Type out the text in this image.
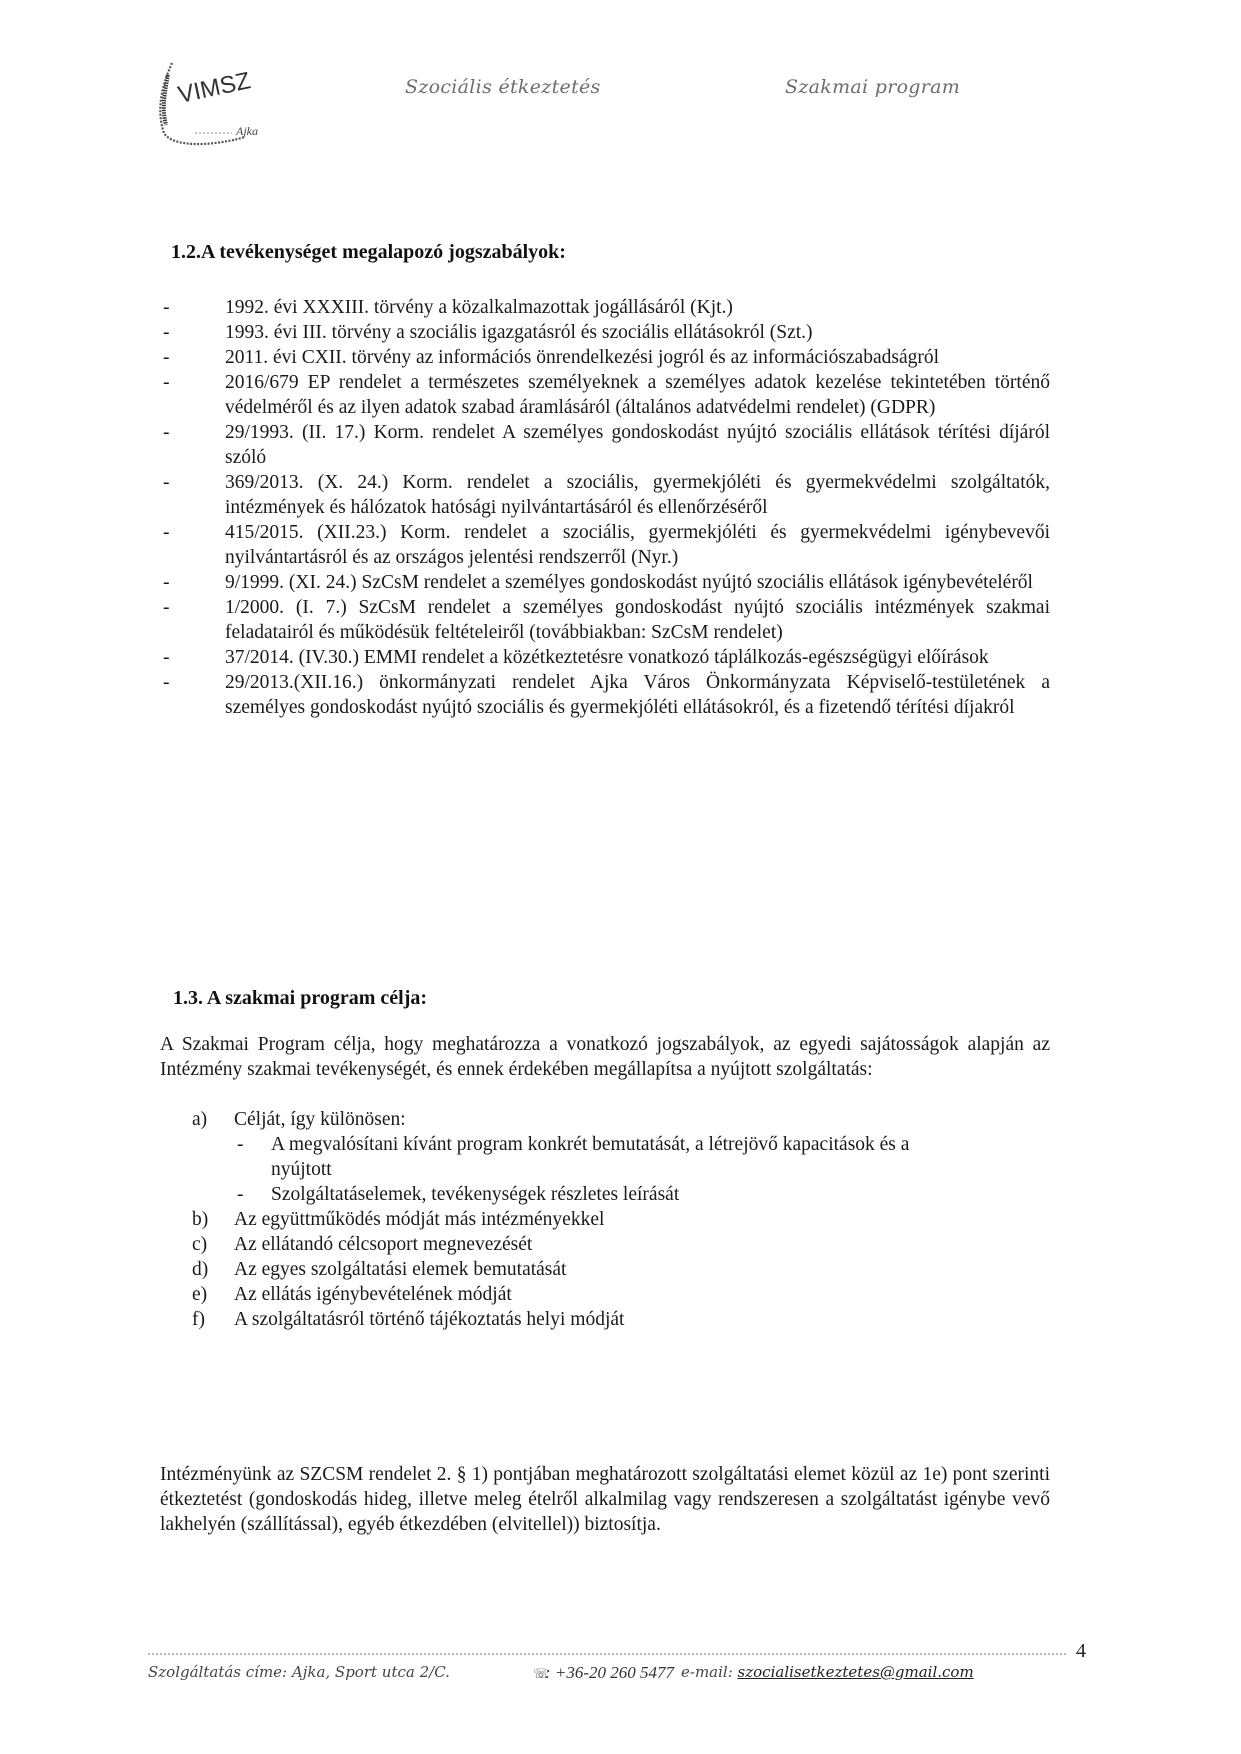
VIMSZ
Ajka
Szociális étkeztetés	Szakmai program
1.2.A tevékenységet megalapozó jogszabályok:
-	1992. évi XXXIII. törvény a közalkalmazottak jogállásáról (Kjt.)
-	1993. évi III. törvény a szociális igazgatásról és szociális ellátásokról (Szt.)
-	2011. évi CXII. törvény az információs önrendelkezési jogról és az információszabadságról
-	2016/679 EP rendelet a természetes személyeknek a személyes adatok kezelése tekintetében történő védelméről és az ilyen adatok szabad áramlásáról (általános adatvédelmi rendelet) (GDPR)
-	29/1993. (II. 17.) Korm. rendelet A személyes gondoskodást nyújtó szociális ellátások térítési díjáról szóló
-	369/2013. (X. 24.) Korm. rendelet a szociális, gyermekjóléti és gyermekvédelmi szolgáltatók, intézmények és hálózatok hatósági nyilvántartásáról és ellenőrzéséről
-	415/2015. (XII.23.) Korm. rendelet a szociális, gyermekjóléti és gyermekvédelmi igénybevevői nyilvántartásról és az országos jelentési rendszerről (Nyr.)
-	9/1999. (XI. 24.) SzCsM rendelet a személyes gondoskodást nyújtó szociális ellátások igénybevételéről
-	1/2000. (I. 7.) SzCsM rendelet a személyes gondoskodást nyújtó szociális intézmények szakmai feladatairól és működésük feltételeiről (továbbiakban: SzCsM rendelet)
-	37/2014. (IV.30.) EMMI rendelet a közétkeztetésre vonatkozó táplálkozás-egészségügyi előírások
-	29/2013.(XII.16.) önkormányzati rendelet Ajka Város Önkormányzata Képviselő-testületének a személyes gondoskodást nyújtó szociális és gyermekjóléti ellátásokról, és a fizetendő térítési díjakról
1.3. A szakmai program célja:

A Szakmai Program célja, hogy meghatározza a vonatkozó jogszabályok, az egyedi sajátosságok alapján az Intézmény szakmai tevékenységét, és ennek érdekében megállapítsa a nyújtott szolgáltatás:

a) Célját, így különösen:
- A megvalósítani kívánt program konkrét bemutatását, a létrejövő kapacitások és a nyújtott
- Szolgáltatáselemek, tevékenységek részletes leírását
b) Az együttműködés módját más intézményekkel
c) Az ellátandó célcsoport megnevezését
d) Az egyes szolgáltatási elemek bemutatását
e) Az ellátás igénybevételének módját
f) A szolgáltatásról történő tájékoztatás helyi módját

Intézményünk az SZCSM rendelet 2. § 1) pontjában meghatározott szolgáltatási elemet közül az 1e) pont szerinti étkeztetést (gondoskodás hideg, illetve meleg ételről alkalmilag vagy rendszeresen a szolgáltatást igénybe vevő lakhelyén (szállítással), egyéb étkezdében (elvitellel)) biztosítja.

4
Szolgáltatás címe: Ajka, Sport utca 2/C.	☏: +36-20 260 5477 e-mail: szocialisetkeztetes@gmail.com
